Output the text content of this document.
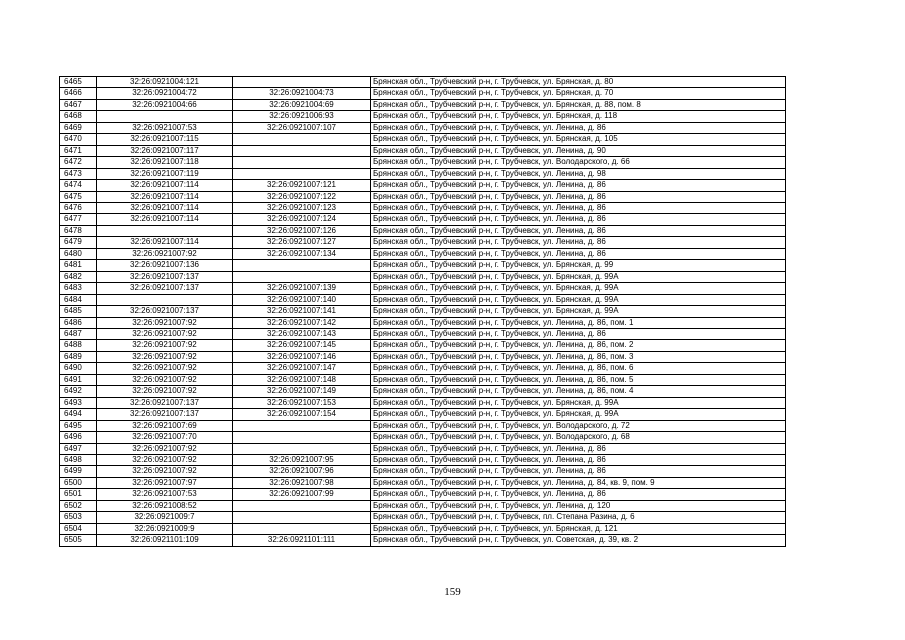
6465	32:26:0921004:121		Брянская обл., Трубчевский р-н, г. Трубчевск, ул. Брянская, д. 80
6466	32:26:0921004:72	32:26:0921004:73	Брянская обл., Трубчевский р-н, г. Трубчевск, ул. Брянская, д. 70
6467	32:26:0921004:66	32:26:0921004:69	Брянская обл., Трубчевский р-н, г. Трубчевск, ул. Брянская, д. 88, пом. 8
6468		32:26:0921006:93	Брянская обл., Трубчевский р-н, г. Трубчевск, ул. Брянская, д. 118
6469	32:26:0921007:53	32:26:0921007:107	Брянская обл., Трубчевский р-н, г. Трубчевск, ул. Ленина, д. 86
6470	32:26:0921007:115		Брянская обл., Трубчевский р-н, г. Трубчевск, ул. Брянская, д. 105
6471	32:26:0921007:117		Брянская обл., Трубчевский р-н, г. Трубчевск, ул. Ленина, д. 90
6472	32:26:0921007:118		Брянская обл., Трубчевский р-н, г. Трубчевск, ул. Володарского, д. 66
6473	32:26:0921007:119		Брянская обл., Трубчевский р-н, г. Трубчевск, ул. Ленина, д. 98
6474	32:26:0921007:114	32:26:0921007:121	Брянская обл., Трубчевский р-н, г. Трубчевск, ул. Ленина, д. 86
6475	32:26:0921007:114	32:26:0921007:122	Брянская обл., Трубчевский р-н, г. Трубчевск, ул. Ленина, д. 86
6476	32:26:0921007:114	32:26:0921007:123	Брянская обл., Трубчевский р-н, г. Трубчевск, ул. Ленина, д. 86
6477	32:26:0921007:114	32:26:0921007:124	Брянская обл., Трубчевский р-н, г. Трубчевск, ул. Ленина, д. 86
6478		32:26:0921007:126	Брянская обл., Трубчевский р-н, г. Трубчевск, ул. Ленина, д. 86
6479	32:26:0921007:114	32:26:0921007:127	Брянская обл., Трубчевский р-н, г. Трубчевск, ул. Ленина, д. 86
6480	32:26:0921007:92	32:26:0921007:134	Брянская обл., Трубчевский р-н, г. Трубчевск, ул. Ленина, д. 86
6481	32:26:0921007:136		Брянская обл., Трубчевский р-н, г. Трубчевск, ул. Брянская, д. 99
6482	32:26:0921007:137		Брянская обл., Трубчевский р-н, г. Трубчевск, ул. Брянская, д. 99А
6483	32:26:0921007:137	32:26:0921007:139	Брянская обл., Трубчевский р-н, г. Трубчевск, ул. Брянская, д. 99А
6484		32:26:0921007:140	Брянская обл., Трубчевский р-н, г. Трубчевск, ул. Брянская, д. 99А
6485	32:26:0921007:137	32:26:0921007:141	Брянская обл., Трубчевский р-н, г. Трубчевск, ул. Брянская, д. 99А
6486	32:26:0921007:92	32:26:0921007:142	Брянская обл., Трубчевский р-н, г. Трубчевск, ул. Ленина, д. 86, пом. 1
6487	32:26:0921007:92	32:26:0921007:143	Брянская обл., Трубчевский р-н, г. Трубчевск, ул. Ленина, д. 86
6488	32:26:0921007:92	32:26:0921007:145	Брянская обл., Трубчевский р-н, г. Трубчевск, ул. Ленина, д. 86, пом. 2
6489	32:26:0921007:92	32:26:0921007:146	Брянская обл., Трубчевский р-н, г. Трубчевск, ул. Ленина, д. 86, пом. 3
6490	32:26:0921007:92	32:26:0921007:147	Брянская обл., Трубчевский р-н, г. Трубчевск, ул. Ленина, д. 86, пом. 6
6491	32:26:0921007:92	32:26:0921007:148	Брянская обл., Трубчевский р-н, г. Трубчевск, ул. Ленина, д. 86, пом. 5
6492	32:26:0921007:92	32:26:0921007:149	Брянская обл., Трубчевский р-н, г. Трубчевск, ул. Ленина, д. 86, пом. 4
6493	32:26:0921007:137	32:26:0921007:153	Брянская обл., Трубчевский р-н, г. Трубчевск, ул. Брянская, д. 99А
6494	32:26:0921007:137	32:26:0921007:154	Брянская обл., Трубчевский р-н, г. Трубчевск, ул. Брянская, д. 99А
6495	32:26:0921007:69		Брянская обл., Трубчевский р-н, г. Трубчевск, ул. Володарского, д. 72
6496	32:26:0921007:70		Брянская обл., Трубчевский р-н, г. Трубчевск, ул. Володарского, д. 68
6497	32:26:0921007:92		Брянская обл., Трубчевский р-н, г. Трубчевск, ул. Ленина, д. 86
6498	32:26:0921007:92	32:26:0921007:95	Брянская обл., Трубчевский р-н, г. Трубчевск, ул. Ленина, д. 86
6499	32:26:0921007:92	32:26:0921007:96	Брянская обл., Трубчевский р-н, г. Трубчевск, ул. Ленина, д. 86
6500	32:26:0921007:97	32:26:0921007:98	Брянская обл., Трубчевский р-н, г. Трубчевск, ул. Ленина, д. 84, кв. 9, пом. 9
6501	32:26:0921007:53	32:26:0921007:99	Брянская обл., Трубчевский р-н, г. Трубчевск, ул. Ленина, д. 86
6502	32:26:0921008:52		Брянская обл., Трубчевский р-н, г. Трубчевск, ул. Ленина, д. 120
6503	32:26:0921009:7		Брянская обл., Трубчевский р-н, г. Трубчевск, пл. Степана Разина, д. 6
6504	32:26:0921009:9		Брянская обл., Трубчевский р-н, г. Трубчевск, ул. Брянская, д. 121
6505	32:26:0921101:109	32:26:0921101:111	Брянская обл., Трубчевский р-н, г. Трубчевск, ул. Советская, д. 39, кв. 2
159
